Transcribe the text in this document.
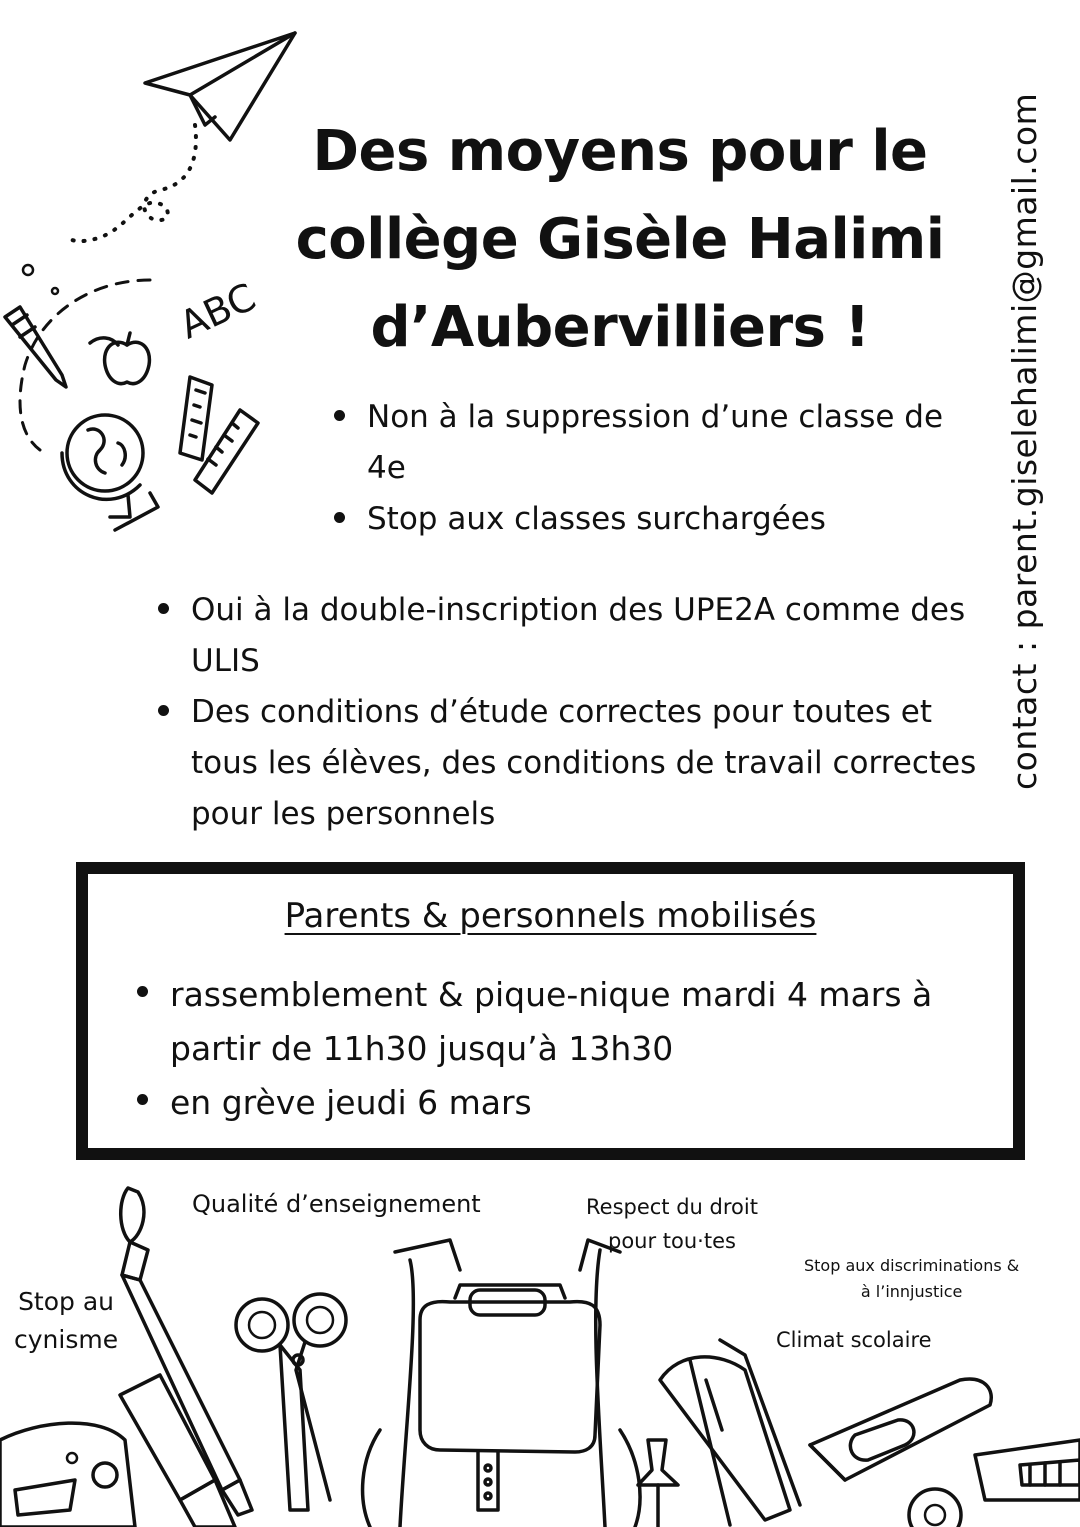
ABC
Des moyens pour le
collège Gisèle Halimi
d’Aubervilliers !	contact : parent.giselehalimi@gmail.com
Non à la suppression d’une classe de 4e
Stop aux classes surchargées
Oui à la double-inscription des UPE2A comme des ULIS
Des conditions d’étude correctes pour toutes et tous les élèves, des conditions de travail correctes pour les personnels
Parents & personnels mobilisés
rassemblement & pique-nique mardi 4 mars à partir de 11h30 jusqu’à 13h30
en grève jeudi 6 mars
Qualité d’enseignement	Respect du droit
pour tou·tes
Stop aux discriminations &
à l’innjustice
Stop au
cynisme	Climat scolaire
